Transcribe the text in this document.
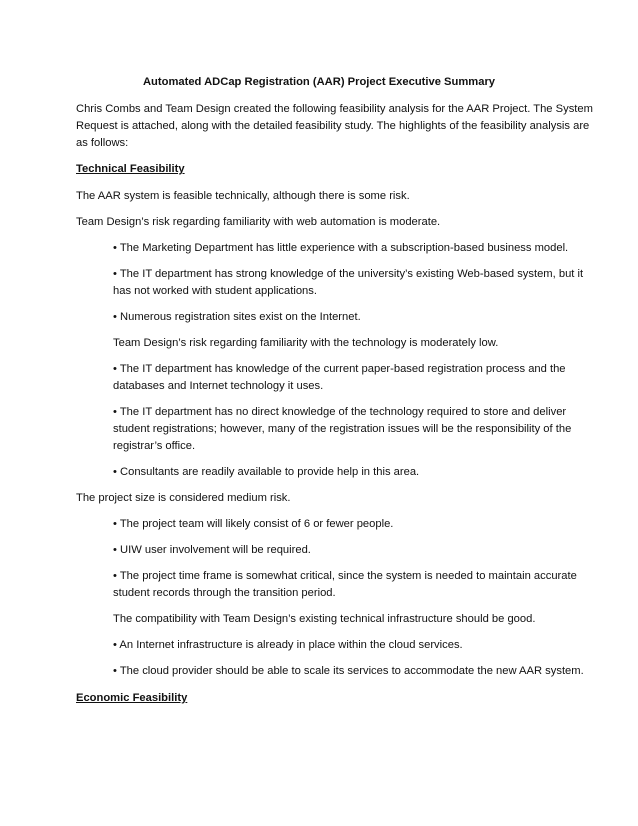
Automated ADCap Registration (AAR) Project Executive Summary

Chris Combs and Team Design created the following feasibility analysis for the AAR Project. The System

Request is attached, along with the detailed feasibility study. The highlights of the feasibility analysis are

as follows:

Technical Feasibility

The AAR system is feasible technically, although there is some risk.

Team Design’s risk regarding familiarity with web automation is moderate.

• The Marketing Department has little experience with a subscription-based business model.

• The IT department has strong knowledge of the university’s existing Web-based system, but it

has not worked with student applications.

• Numerous registration sites exist on the Internet.

Team Design’s risk regarding familiarity with the technology is moderately low.

• The IT department has knowledge of the current paper-based registration process and the

databases and Internet technology it uses.

• The IT department has no direct knowledge of the technology required to store and deliver

student registrations; however, many of the registration issues will be the responsibility of the

registrar’s office.

• Consultants are readily available to provide help in this area.

The project size is considered medium risk.

• The project team will likely consist of 6 or fewer people.

• UIW user involvement will be required.

• The project time frame is somewhat critical, since the system is needed to maintain accurate

student records through the transition period.

The compatibility with Team Design’s existing technical infrastructure should be good.

• An Internet infrastructure is already in place within the cloud services.

• The cloud provider should be able to scale its services to accommodate the new AAR system.

Economic Feasibility
